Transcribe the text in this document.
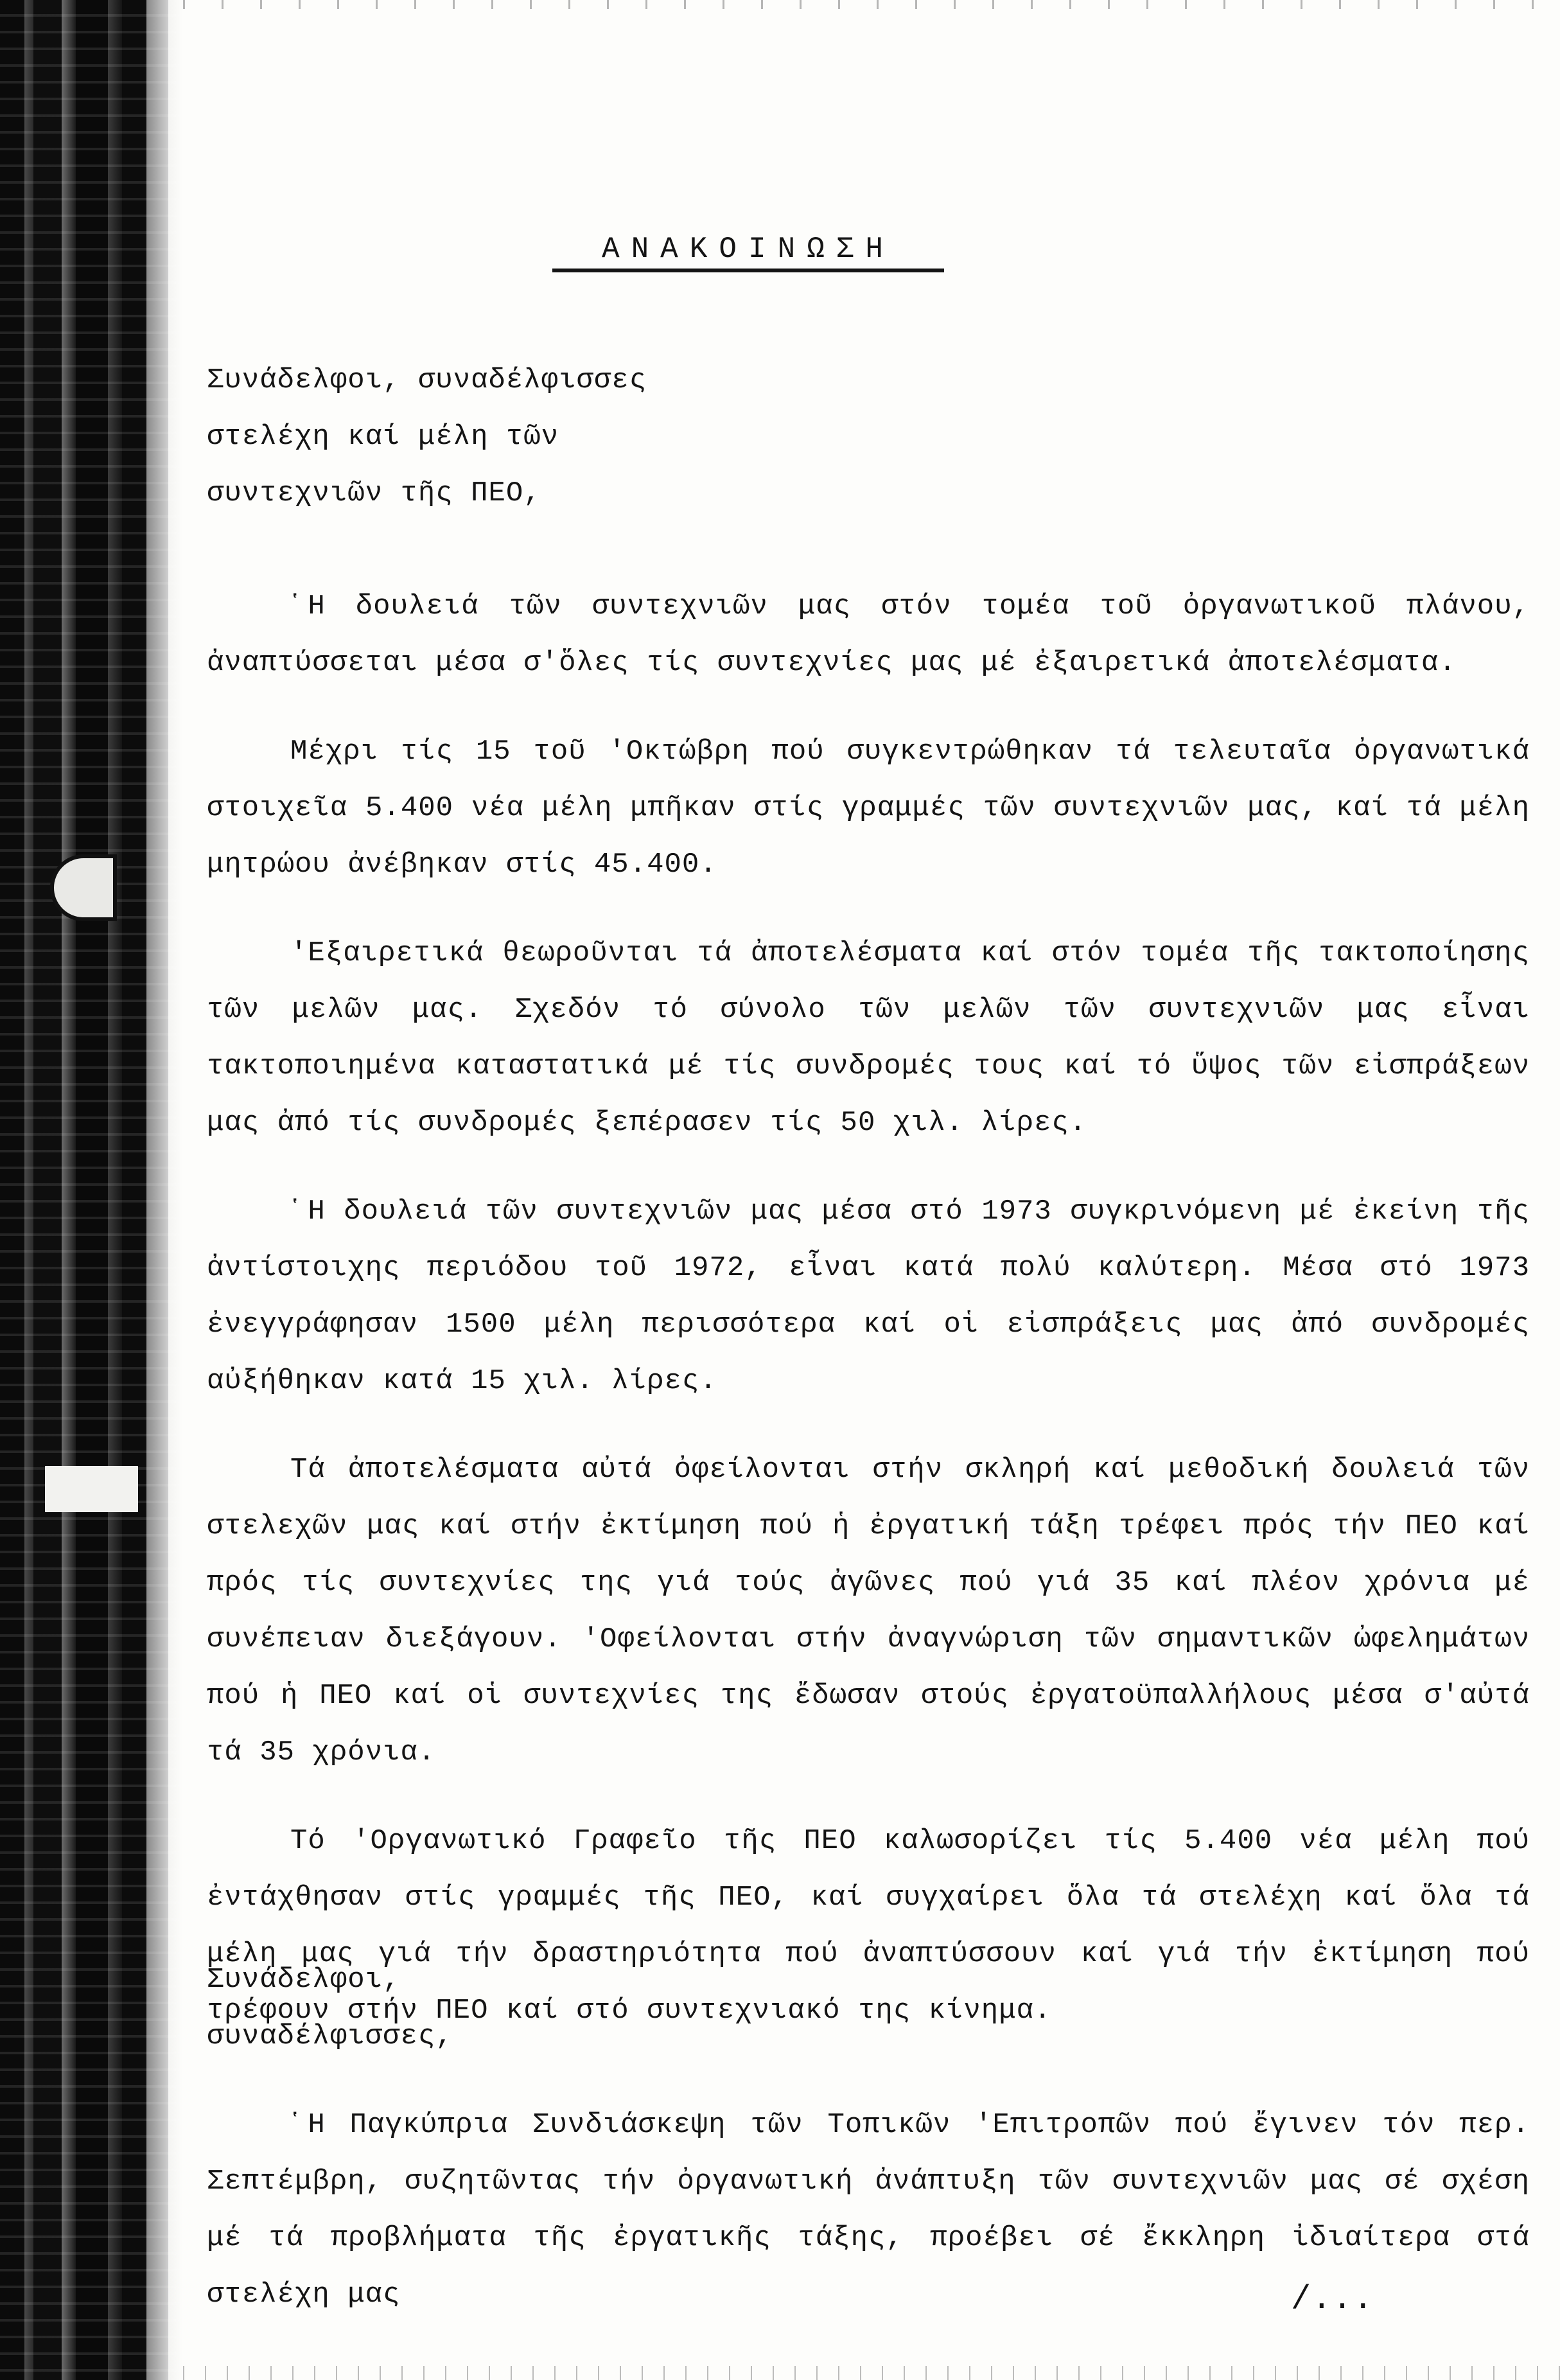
ΑΝΑΚΟΙΝΩΣΗ
Συνάδελφοι, συναδέλφισσες
στελέχη καί μέλη τῶν
συντεχνιῶν τῆς ΠΕΟ,

῾Η δουλειά τῶν συντεχνιῶν μας στόν τομέα τοῦ ὀργανωτικοῦ πλάνου, ἀναπτύσσεται μέσα σ'ὅλες τίς συντεχνίες μας μέ ἐξαιρετικά ἀποτελέσματα.

Μέχρι τίς 15 τοῦ 'Οκτώβρη πού συγκεντρώθηκαν τά τελευταῖα ὀργανωτικά στοιχεῖα 5.400 νέα μέλη μπῆκαν στίς γραμμές τῶν συντεχνιῶν μας, καί τά μέλη μητρώου ἀνέβηκαν στίς 45.400.

'Εξαιρετικά θεωροῦνται τά ἀποτελέσματα καί στόν τομέα τῆς τακτοποίησης τῶν μελῶν μας. Σχεδόν τό σύνολο τῶν μελῶν τῶν συντεχνιῶν μας εἶναι τακτοποιημένα καταστατικά μέ τίς συνδρομές τους καί τό ὕψος τῶν εἰσπράξεων μας ἀπό τίς συνδρομές ξεπέρασεν τίς 50 χιλ. λίρες.

῾Η δουλειά τῶν συντεχνιῶν μας μέσα στό 1973 συγκρινόμενη μέ ἐκείνη τῆς ἀντίστοιχης περιόδου τοῦ 1972, εἶναι κατά πολύ καλύτερη. Μέσα στό 1973 ἐνεγγράφησαν 1500 μέλη περισσότερα καί οἱ εἰσπράξεις μας ἀπό συνδρομές αὐξήθηκαν κατά 15 χιλ. λίρες.

Τά ἀποτελέσματα αὐτά ὀφείλονται στήν σκληρή καί μεθοδική δουλειά τῶν στελεχῶν μας καί στήν ἐκτίμηση πού ἡ ἐργατική τάξη τρέφει πρός τήν ΠΕΟ καί πρός τίς συντεχνίες της γιά τούς ἀγῶνες πού γιά 35 καί πλέον χρόνια μέ συνέπειαν διεξάγουν. 'Οφείλονται στήν ἀναγνώριση τῶν σημαντικῶν ὠφελημάτων πού ἡ ΠΕΟ καί οἱ συντεχνίες της ἔδωσαν στούς ἐργατοϋπαλλήλους μέσα σ'αὐτά τά 35 χρόνια.

Τό 'Οργανωτικό Γραφεῖο τῆς ΠΕΟ καλωσορίζει τίς 5.400 νέα μέλη πού ἐντάχθησαν στίς γραμμές τῆς ΠΕΟ, καί συγχαίρει ὅλα τά στελέχη καί ὅλα τά μέλη μας γιά τήν δραστηριότητα πού ἀναπτύσσουν καί γιά τήν ἐκτίμηση πού τρέφουν στήν ΠΕΟ καί στό συντεχνιακό της κίνημα.

Συνάδελφοι,
συναδέλφισσες,

῾Η Παγκύπρια Συνδιάσκεψη τῶν Τοπικῶν 'Επιτροπῶν πού ἔγινεν τόν περ. Σεπτέμβρη, συζητῶντας τήν ὀργανωτική ἀνάπτυξη τῶν συντεχνιῶν μας σέ σχέση μέ τά προβλήματα τῆς ἐργατικῆς τάξης, προέβει σέ ἔκκληρη ἰδιαίτερα στά στελέχη μας	/...
